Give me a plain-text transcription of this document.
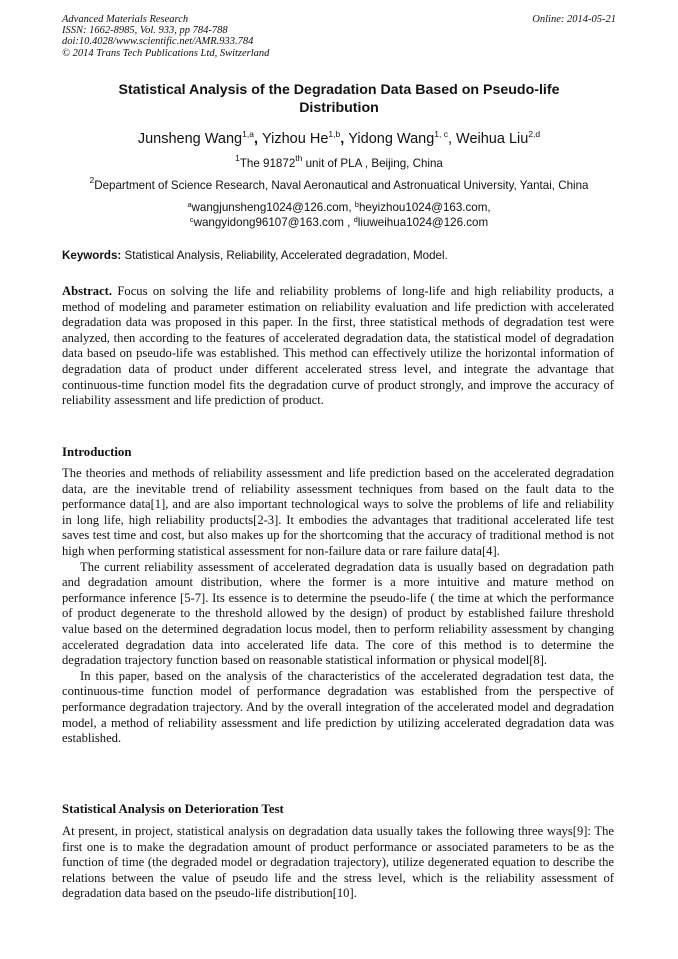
Advanced Materials Research
ISSN: 1662-8985, Vol. 933, pp 784-788
doi:10.4028/www.scientific.net/AMR.933.784
© 2014 Trans Tech Publications Ltd, Switzerland
Online: 2014-05-21
Statistical Analysis of the Degradation Data Based on Pseudo-life
Distribution
Junsheng Wang$^{1,a}$, Yizhou He$^{1,b}$, Yidong Wang$^{1, c}$, Weihua Liu$^{2,d}$
$^1$The 91872th unit of PLA , Beijing, China
$^2$Department of Science Research, Naval Aeronautical and Astronuatical University, Yantai, China
$^a$wangjunsheng1024@126.com, $^b$heyizhou1024@163.com,
$^c$wangyidong96107@163.com , $^d$liuweihua1024@126.com
Keywords: Statistical Analysis, Reliability, Accelerated degradation, Model.

Abstract. Focus on solving the life and reliability problems of long-life and high reliability products, a method of modeling and parameter estimation on reliability evaluation and life prediction with accelerated degradation data was proposed in this paper. In the first, three statistical methods of degradation test were analyzed, then according to the features of accelerated degradation data, the statistical model of degradation data based on pseudo-life was established. This method can effectively utilize the horizontal information of degradation data of product under different accelerated stress level, and integrate the advantage that continuous-time function model fits the degradation curve of product strongly, and improve the accuracy of reliability assessment and life prediction of product.

Introduction

The theories and methods of reliability assessment and life prediction based on the accelerated degradation data, are the inevitable trend of reliability assessment techniques from based on the fault data to the performance data[1], and are also important technological ways to solve the problems of life and reliability in long life, high reliability products[2-3]. It embodies the advantages that traditional accelerated life test saves test time and cost, but also makes up for the shortcoming that the accuracy of traditional method is not high when performing statistical assessment for non-failure data or rare failure data[4].

The current reliability assessment of accelerated degradation data is usually based on degradation path and degradation amount distribution, where the former is a more intuitive and mature method on performance inference [5-7]. Its essence is to determine the pseudo-life ( the time at which the performance of product degenerate to the threshold allowed by the design) of product by established failure threshold value based on the determined degradation locus model, then to perform reliability assessment by changing accelerated degradation data into accelerated life data. The core of this method is to determine the degradation trajectory function based on reasonable statistical information or physical model[8].

In this paper, based on the analysis of the characteristics of the accelerated degradation test data, the continuous-time function model of performance degradation was established from the perspective of performance degradation trajectory. And by the overall integration of the accelerated model and degradation model, a method of reliability assessment and life prediction by utilizing accelerated degradation data was established.

Statistical Analysis on Deterioration Test

At present, in project, statistical analysis on degradation data usually takes the following three ways[9]: The first one is to make the degradation amount of product performance or associated parameters to be as the function of time (the degraded model or degradation trajectory), utilize degenerated equation to describe the relations between the value of pseudo life and the stress level, which is the reliability assessment of degradation data based on the pseudo-life distribution[10].
